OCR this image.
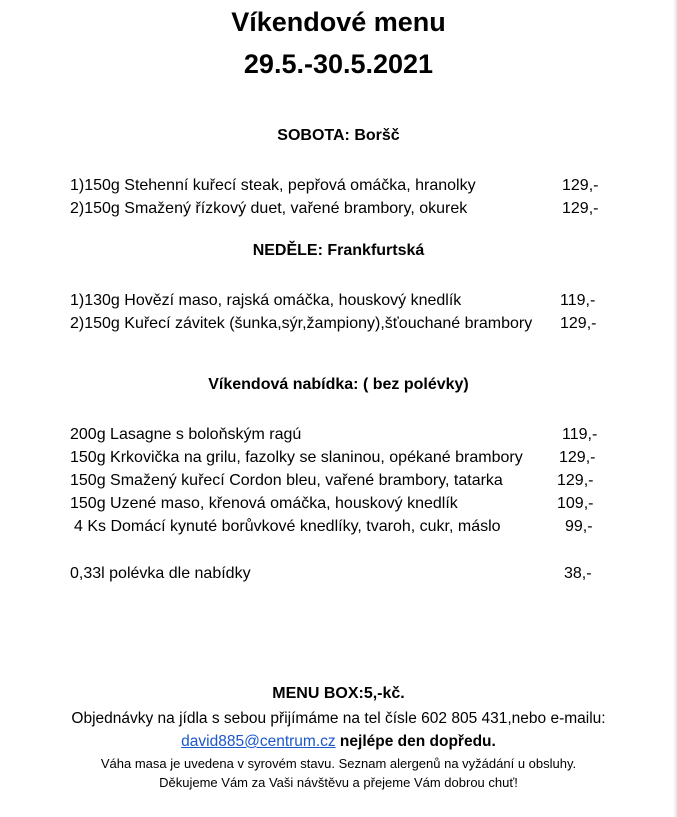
Víkendové menu
29.5.-30.5.2021
SOBOTA: Boršč
1)150g Stehenní kuřecí steak, pepřová omáčka, hranolky	129,-
2)150g Smažený řízkový duet, vařené brambory, okurek	129,-
NEDĚLE: Frankfurtská
1)130g Hovězí maso, rajská omáčka, houskový knedlík	119,-
2)150g Kuřecí závitek (šunka,sýr,žampiony),šťouchané brambory 129,-
Víkendová nabídka: ( bez polévky)
200g Lasagne s boloňským ragú	119,-
150g Krkovička na grilu, fazolky se slaninou, opékané brambory 129,-
150g Smažený kuřecí Cordon bleu, vařené brambory, tatarka	129,-
150g Uzené maso, křenová omáčka, houskový knedlík	109,-
4 Ks Domácí kynuté borůvkové knedlíky, tvaroh, cukr, máslo	99,-
0,33l polévka dle nabídky	38,-
MENU BOX:5,-kč.
Objednávky na jídla s sebou přijímáme na tel čísle 602 805 431,nebo e-mailu:
david885@centrum.cz nejlépe den dopředu.
Váha masa je uvedena v syrovém stavu. Seznam alergenů na vyžádání u obsluhy.
Děkujeme Vám za Vaši návštěvu a přejeme Vám dobrou chuť!
